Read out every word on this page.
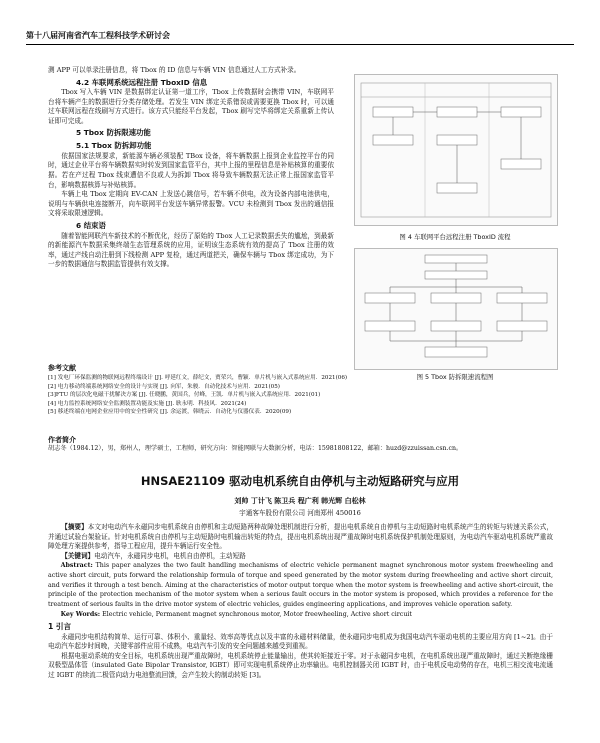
第十八届河南省汽车工程科技学术研讨会

测 APP 可以单录注册信息，将 Tbox 的 ID 信息与车辆 VIN 信息通过人工方式补录。

4.2 车联网系统远程注册 TboxID 信息

Tbox 写入车辆 VIN 是数据绑定认证第一道工序，Tbox 上传数据时会携带 VIN，车联网平台将车辆产生的数据进行分类存储处理。若发生 VIN 绑定关系错误或需要更换 Tbox 时，可以通过车联网远程在线刷写方式进行。该方式只能经平台发起，Tbox 刷写完毕将绑定关系重新上传认证即可完成。

5 Tbox 防拆限速功能
5.1 Tbox 防拆卸功能

依据国家法规要求，新能源车辆必须装配 TBox 设备，将车辆数据上报到企业监控平台的同时，通过企业平台将车辆数据实时转发到国家监管平台，其中上报的里程信息是补贴核算的重要依据。若在产过程 Tbox 线束遭信不良或人为拆卸 Tbox 将导致车辆数据无法正常上报国家监管平台，影响数据核算与补贴核算。

车辆上电 Tbox 定期向 EV-CAN 上发送心跳信号，若车辆不供电，改为设备内部电池供电，说明与车辆供电连接断开，向车联网平台发送车辆异常报警。VCU 未检测到 Tbox 发出的通信报文将采取限速逻辑。

6 结束语

随着智能网联汽车新技术的不断优化，经历了原始的 Tbox 人工记录数据丢失的尴尬，到最新的新能源汽车数据采集终端生态管理系统的应用，证明该生态系统有效的提高了 Tbox 注册的效率，通过产线自动注册到下线检测 APP 复检，通过两道把关，确保车辆与 Tbox 绑定成功，为下一步的数据通信与数据监管提供有效支撑。

图 4 车联网平台远程注册 TboxID 流程
图 5 Tbox 防拆限速流程图
参考文献

[1] 发电厂环保监测的物联网远程终端设计 [J]. 呼延红文，薛纪文，贾荣兴，曹颖．单片机与嵌入式系统应用．2021(06)

[2] 电力移动终端系统网络安全的设计与实现 [J]. 向军，朱骏．自动化技术与应用．2021(05)

[3]FTU 的层次化电磁干扰解决方案 [J]. 任晓鹏，黄国兵，付峰，王凯．单片机与嵌入式系统应用．2021(01)

[4] 电力监控系统网络安全监测装置功能及实施 [J]. 耿永明．科技风．2021(24)

[5] 移述终端在电网企业应用中的安全性研究 [J]. 余运渡，韩晓云．自动化与仪器仪表．2020(09)

作者简介
胡志冬（1984.12），男，郑州人，理学硕士，工程师，研究方向：智能网联与大数据分析，电话：15981808122，邮箱：huzd@zzuissan.csn.cn。
HNSAE21109 驱动电机系统自由停机与主动短路研究与应用
刘帅 丁计飞 陈卫兵 程广利 韩光辉 白松林
宇通客车股份有限公司 河南郑州 450016

【摘要】本文对电动汽车永磁同步电机系统自由停机和主动短路两种故障处理机制进行分析，提出电机系统自由停机与主动短路时电机系统产生的转矩与转速关系公式，并通过试验台架验证。针对电机系统自由停机与主动短路时电机输出转矩的特点，提出电机系统出现严重故障时电机系统保护机制处理原则，为电动汽车驱动电机系统严重故障处理方案提供参考，指导工程应用，提升车辆运行安全性。

【关键词】电动汽车，永磁同步电机，电机自由停机，主动短路

Abstract: This paper analyzes the two fault handling mechanisms of electric vehicle permanent magnet synchronous motor system freewheeling and active short circuit, puts forward the relationship formula of torque and speed generated by the motor system during freewheeling and active short circuit, and verifies it through a test bench. Aiming at the characteristics of motor output torque when the motor system is freewheeling and active short-circuit, the principle of the protection mechanism of the motor system when a serious fault occurs in the motor system is proposed, which provides a reference for the treatment of serious faults in the drive motor system of electric vehicles, guides engineering applications, and improves vehicle operation safety.

Key Words: Electric vehicle, Permanent magnet synchronous motor, Motor freewheeling, Active short circuit

1 引言

永磁同步电机结构简单、运行可靠、体积小、重量轻、效率高等优点以及丰富的永磁材料储量，使永磁同步电机成为我国电动汽车驱动电机的主要应用方向 [1~2]。由于电动汽车起步时间晚，关键零部件应用不成熟，电动汽车引发的安全问题越来越受到重视。

根据电驱动系统的安全目标，电机系统出现严重故障时，电机系统停止能量输出，使其转矩接近于零。对于永磁同步电机，在电机系统出现严重故障时，通过关断绝缘栅双极型晶体管（insulated Gate Bipolar Transistor, IGBT）即可实现电机系统停止功率输出。电机控制器关闭 IGBT 时，由于电机反电动势的存在，电机三相交流电流通过 IGBT 的续流二极管向动力电池整流回馈，会产生较大的制动转矩 [3]。
